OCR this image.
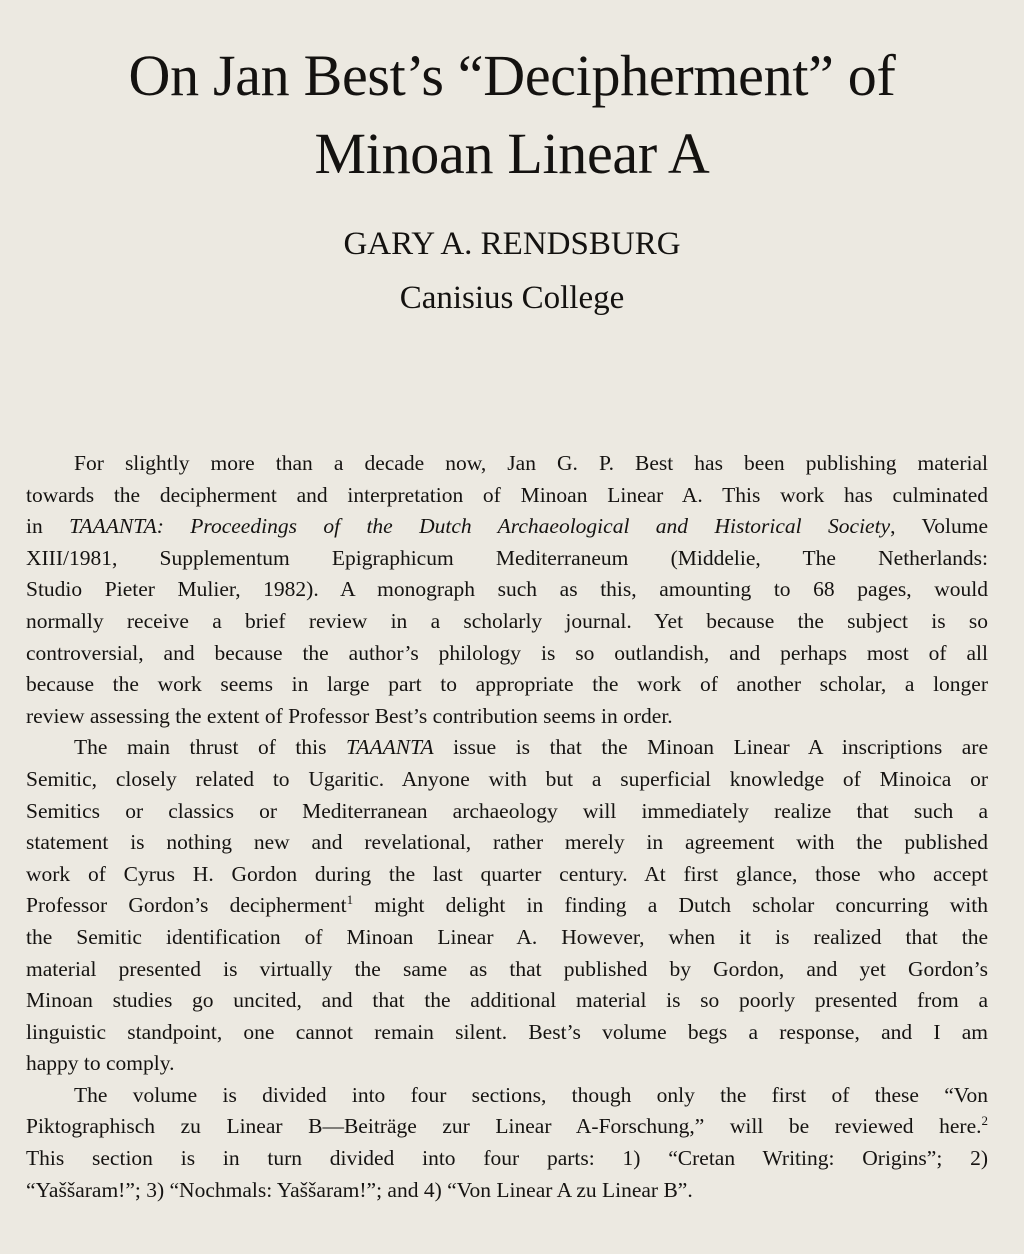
On Jan Best’s “Decipherment” of
Minoan Linear A
GARY A. RENDSBURG
Canisius College
For slightly more than a decade now, Jan G. P. Best has been publishing material
towards the decipherment and interpretation of Minoan Linear A. This work has culminated
in TAAANTA: Proceedings of the Dutch Archaeological and Historical Society, Volume
XIII/1981, Supplementum Epigraphicum Mediterraneum (Middelie, The Netherlands:
Studio Pieter Mulier, 1982). A monograph such as this, amounting to 68 pages, would
normally receive a brief review in a scholarly journal. Yet because the subject is so
controversial, and because the author’s philology is so outlandish, and perhaps most of all
because the work seems in large part to appropriate the work of another scholar, a longer
review assessing the extent of Professor Best’s contribution seems in order.
The main thrust of this TAAANTA issue is that the Minoan Linear A inscriptions are
Semitic, closely related to Ugaritic. Anyone with but a superficial knowledge of Minoica or
Semitics or classics or Mediterranean archaeology will immediately realize that such a
statement is nothing new and revelational, rather merely in agreement with the published
work of Cyrus H. Gordon during the last quarter century. At first glance, those who accept
Professor Gordon’s decipherment$^1$ might delight in finding a Dutch scholar concurring with
the Semitic identification of Minoan Linear A. However, when it is realized that the
material presented is virtually the same as that published by Gordon, and yet Gordon’s
Minoan studies go uncited, and that the additional material is so poorly presented from a
linguistic standpoint, one cannot remain silent. Best’s volume begs a response, and I am
happy to comply.
The volume is divided into four sections, though only the first of these “Von
Piktographisch zu Linear B—Beiträge zur Linear A-Forschung,” will be reviewed here.$^2$
This section is in turn divided into four parts: 1) “Cretan Writing: Origins”; 2)
“Yaššaram!”; 3) “Nochmals: Yaššaram!”; and 4) “Von Linear A zu Linear B”.
